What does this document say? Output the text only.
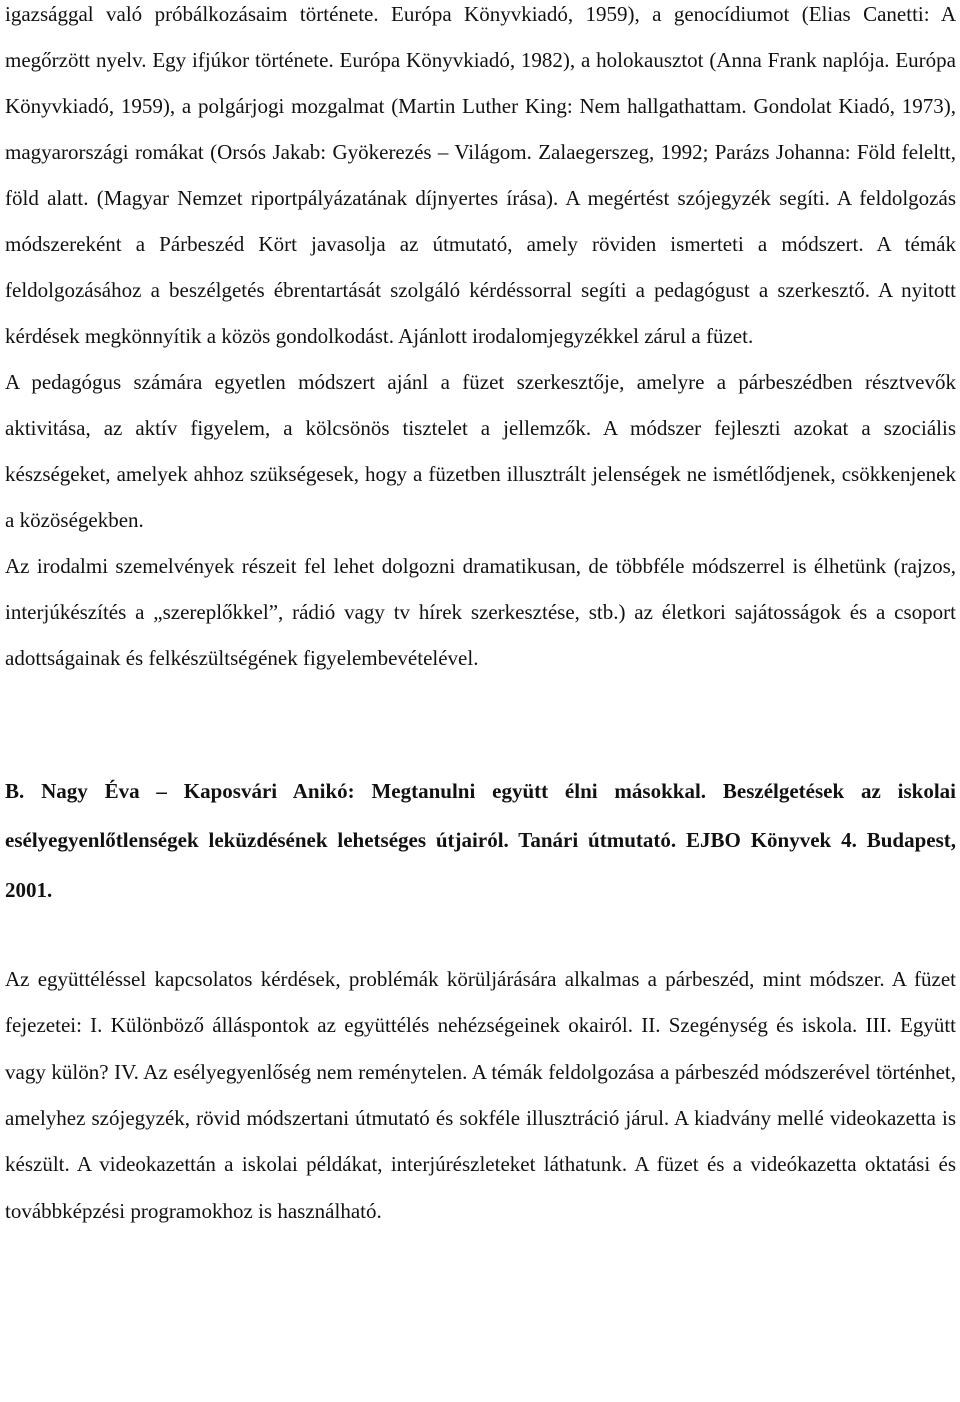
igazsággal való próbálkozásaim története. Európa Könyvkiadó, 1959), a genocídiumot (Elias Canetti: A megőrzött nyelv. Egy ifjúkor története. Európa Könyvkiadó, 1982), a holokausztot (Anna Frank naplója. Európa Könyvkiadó, 1959), a polgárjogi mozgalmat (Martin Luther King: Nem hallgathattam. Gondolat Kiadó, 1973), magyarországi romákat (Orsós Jakab: Gyökerezés – Világom. Zalaegerszeg, 1992; Parázs Johanna: Föld feleltt, föld alatt. (Magyar Nemzet riportpályázatának díjnyertes írása). A megértést szójegyzék segíti. A feldolgozás módszereként a Párbeszéd Kört javasolja az útmutató, amely röviden ismerteti a módszert. A témák feldolgozásához a beszélgetés ébrentartását szolgáló kérdéssorral segíti a pedagógust a szerkesztő. A nyitott kérdések megkönnyítik a közös gondolkodást. Ajánlott irodalomjegyzékkel zárul a füzet.

A pedagógus számára egyetlen módszert ajánl a füzet szerkesztője, amelyre a párbeszédben résztvevők aktivitása, az aktív figyelem, a kölcsönös tisztelet a jellemzők. A módszer fejleszti azokat a szociális készségeket, amelyek ahhoz szükségesek, hogy a füzetben illusztrált jelenségek ne ismétlődjenek, csökkenjenek a közöségekben.

Az irodalmi szemelvények részeit fel lehet dolgozni dramatikusan, de többféle módszerrel is élhetünk (rajzos, interjúkészítés a „szereplőkkel”, rádió vagy tv hírek szerkesztése, stb.) az életkori sajátosságok és a csoport adottságainak és felkészültségének figyelembevételével.

B. Nagy Éva – Kaposvári Anikó: Megtanulni együtt élni másokkal. Beszélgetések az iskolai esélyegyenlőtlenségek leküzdésének lehetséges útjairól. Tanári útmutató. EJBO Könyvek 4. Budapest, 2001.

Az együttéléssel kapcsolatos kérdések, problémák körüljárására alkalmas a párbeszéd, mint módszer. A füzet fejezetei: I. Különböző álláspontok az együttélés nehézségeinek okairól. II. Szegénység és iskola. III. Együtt vagy külön? IV. Az esélyegyenlőség nem reménytelen. A témák feldolgozása a párbeszéd módszerével történhet, amelyhez szójegyzék, rövid módszertani útmutató és sokféle illusztráció járul. A kiadvány mellé videokazetta is készült. A videokazettán a iskolai példákat, interjúrészleteket láthatunk. A füzet és a videókazetta oktatási és továbbképzési programokhoz is használható.
